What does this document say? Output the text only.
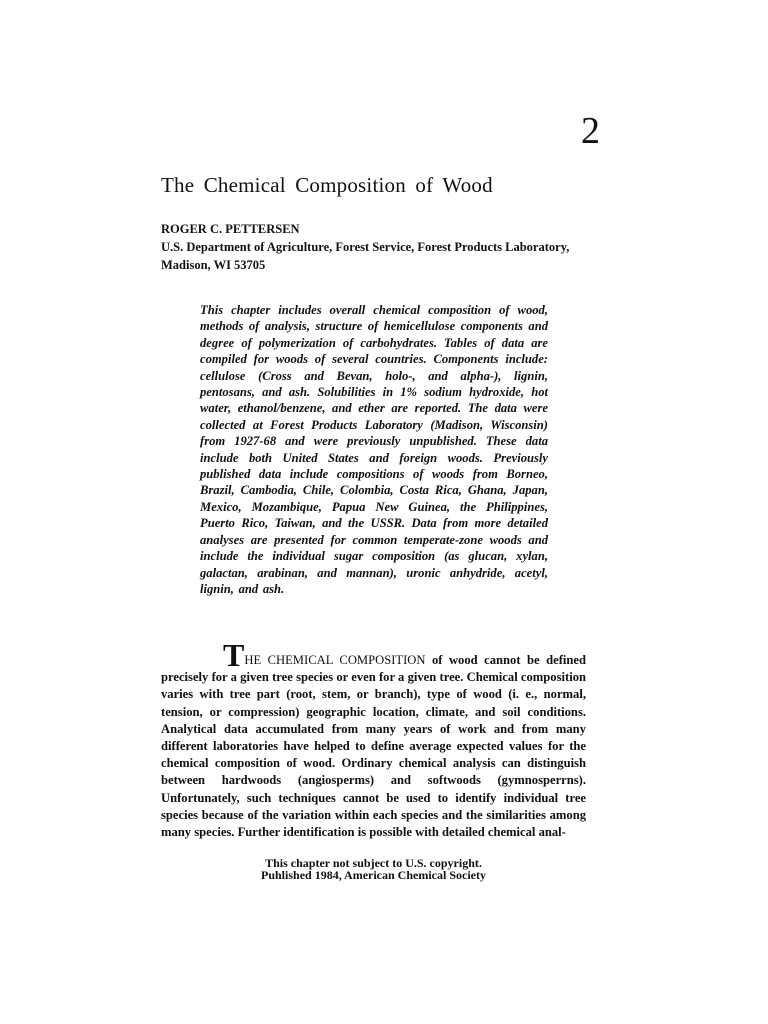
2
The Chemical Composition of Wood
ROGER C. PETTERSEN
U.S. Department of Agriculture, Forest Service, Forest Products Laboratory,
Madison, WI 53705

This chapter includes overall chemical composition of wood, methods of analysis, structure of hemicellulose components and degree of polymerization of carbohydrates. Tables of data are compiled for woods of several countries. Components include: cellulose (Cross and Bevan, holo-, and alpha-), lignin, pentosans, and ash. Solubilities in 1% sodium hydroxide, hot water, ethanol/benzene, and ether are reported. The data were collected at Forest Products Laboratory (Madison, Wisconsin) from 1927-68 and were previously unpublished. These data include both United States and foreign woods. Previously published data include compositions of woods from Borneo, Brazil, Cambodia, Chile, Colombia, Costa Rica, Ghana, Japan, Mexico, Mozambique, Papua New Guinea, the Philippines, Puerto Rico, Taiwan, and the USSR. Data from more detailed analyses are presented for common temperate-zone woods and include the individual sugar composition (as glucan, xylan, galactan, arabinan, and mannan), uronic anhydride, acetyl, lignin, and ash.

THE CHEMICAL COMPOSITION of wood cannot be defined precisely for a given tree species or even for a given tree. Chemical composition varies with tree part (root, stem, or branch), type of wood (i. e., normal, tension, or compression) geographic location, climate, and soil conditions. Analytical data accumulated from many years of work and from many different laboratories have helped to define average expected values for the chemical composition of wood. Ordinary chemical analysis can distinguish between hardwoods (angiosperms) and softwoods (gymnosperrns). Unfortunately, such techniques cannot be used to identify individual tree species because of the variation within each species and the similarities among many species. Further identification is possible with detailed chemical anal-

This chapter not subject to U.S. copyright.
Puhlished 1984, American Chemical Society
